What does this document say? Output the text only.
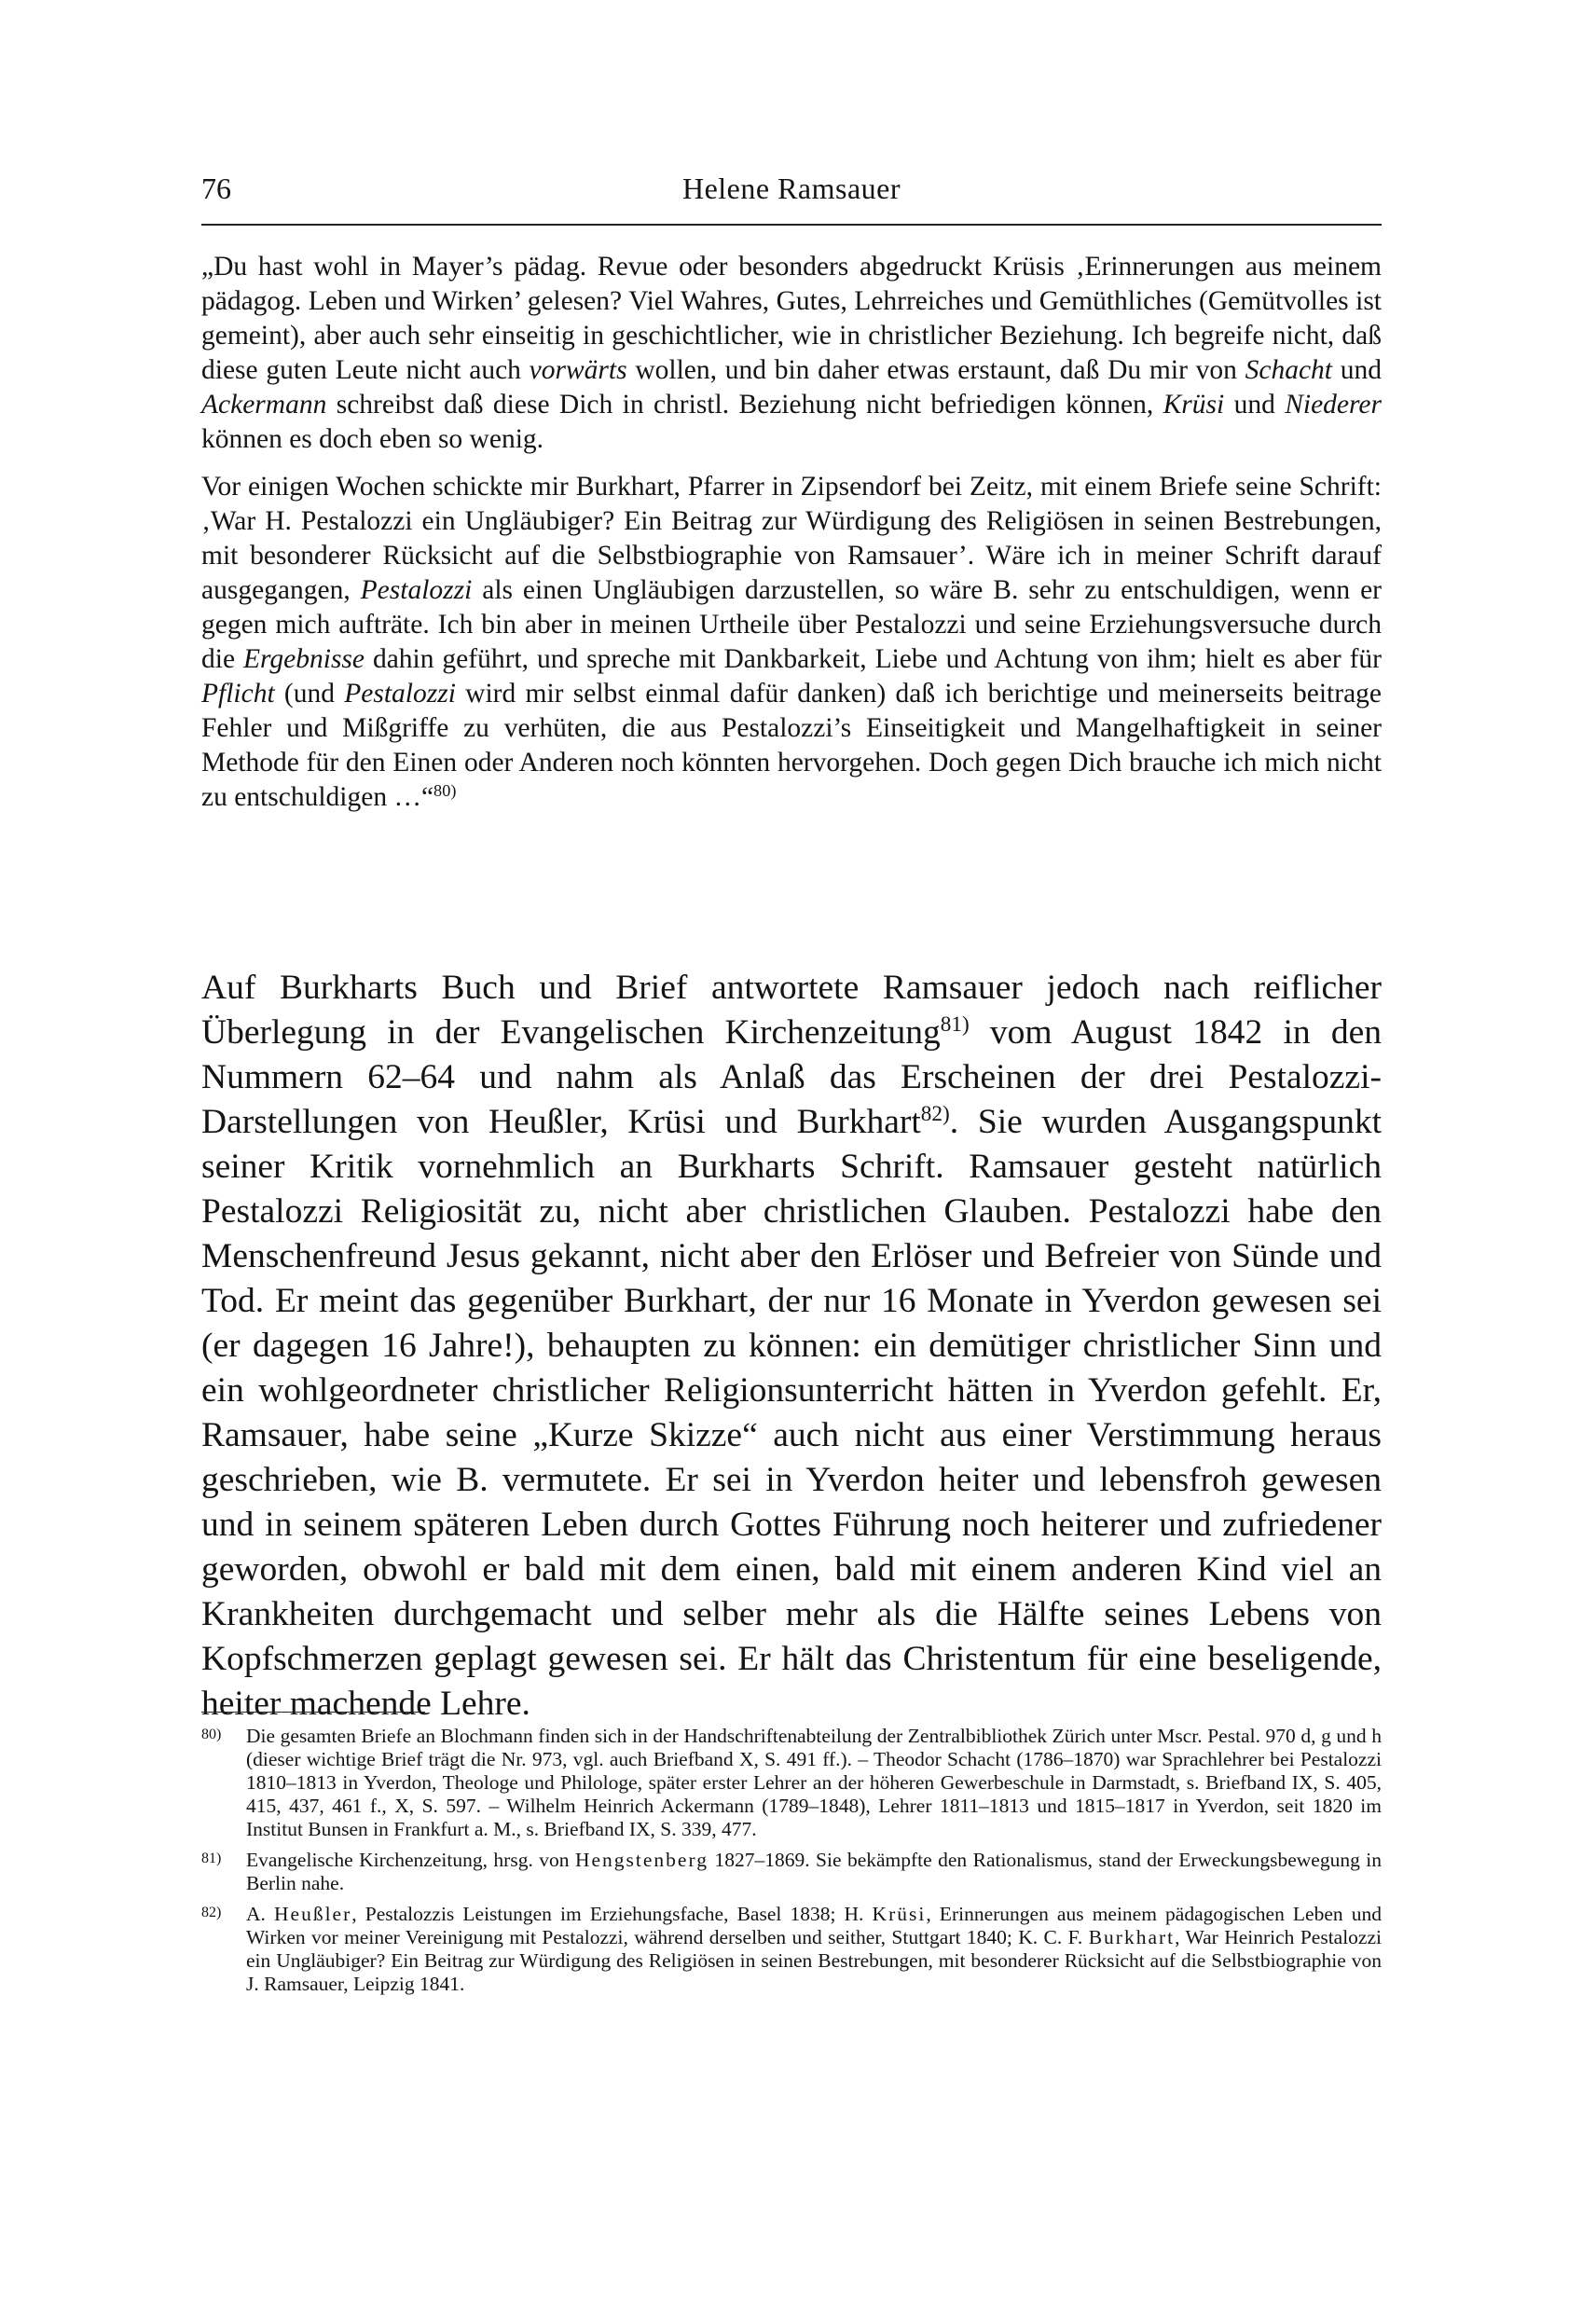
76	Helene Ramsauer

„Du hast wohl in Mayer’s pädag. Revue oder besonders abgedruckt Krüsis ‚Erinnerungen aus meinem pädagog. Leben und Wirken’ gelesen? Viel Wahres, Gutes, Lehrreiches und Gemüthliches (Gemütvolles ist gemeint), aber auch sehr einseitig in geschichtlicher, wie in christlicher Beziehung. Ich begreife nicht, daß diese guten Leute nicht auch vorwärts wollen, und bin daher etwas erstaunt, daß Du mir von Schacht und Ackermann schreibst daß diese Dich in christl. Beziehung nicht befriedigen können, Krüsi und Niederer können es doch eben so wenig.

Vor einigen Wochen schickte mir Burkhart, Pfarrer in Zipsendorf bei Zeitz, mit einem Briefe seine Schrift: ‚War H. Pestalozzi ein Ungläubiger? Ein Beitrag zur Würdigung des Religiösen in seinen Bestrebungen, mit besonderer Rücksicht auf die Selbstbiographie von Ramsauer’. Wäre ich in meiner Schrift darauf ausgegangen, Pestalozzi als einen Ungläubigen darzustellen, so wäre B. sehr zu entschuldigen, wenn er gegen mich aufträte. Ich bin aber in meinen Urtheile über Pestalozzi und seine Erziehungsversuche durch die Ergebnisse dahin geführt, und spreche mit Dankbarkeit, Liebe und Achtung von ihm; hielt es aber für Pflicht (und Pestalozzi wird mir selbst einmal dafür danken) daß ich berichtige und meinerseits beitrage Fehler und Mißgriffe zu verhüten, die aus Pestalozzi’s Einseitigkeit und Mangelhaftigkeit in seiner Methode für den Einen oder Anderen noch könnten hervorgehen. Doch gegen Dich brauche ich mich nicht zu entschuldigen …“$^{80)}$

Auf Burkharts Buch und Brief antwortete Ramsauer jedoch nach reiflicher Überlegung in der Evangelischen Kirchenzeitung$^{81)}$ vom August 1842 in den Nummern 62–64 und nahm als Anlaß das Erscheinen der drei Pestalozzi-Darstellungen von Heußler, Krüsi und Burkhart$^{82)}$. Sie wurden Ausgangspunkt seiner Kritik vornehmlich an Burkharts Schrift. Ramsauer gesteht natürlich Pestalozzi Religiosität zu, nicht aber christlichen Glauben. Pestalozzi habe den Menschenfreund Jesus gekannt, nicht aber den Erlöser und Befreier von Sünde und Tod. Er meint das gegenüber Burkhart, der nur 16 Monate in Yverdon gewesen sei (er dagegen 16 Jahre!), behaupten zu können: ein demütiger christlicher Sinn und ein wohlgeordneter christlicher Religionsunterricht hätten in Yverdon gefehlt. Er, Ramsauer, habe seine „Kurze Skizze“ auch nicht aus einer Verstimmung heraus geschrieben, wie B. vermutete. Er sei in Yverdon heiter und lebensfroh gewesen und in seinem späteren Leben durch Gottes Führung noch heiterer und zufriedener geworden, obwohl er bald mit dem einen, bald mit einem anderen Kind viel an Krankheiten durchgemacht und selber mehr als die Hälfte seines Lebens von Kopfschmerzen geplagt gewesen sei. Er hält das Christentum für eine beseligende, heiter machende Lehre.

80)	Die gesamten Briefe an Blochmann finden sich in der Handschriftenabteilung der Zentralbibliothek Zürich unter Mscr. Pestal. 970 d, g und h (dieser wichtige Brief trägt die Nr. 973, vgl. auch Briefband X, S. 491 ff.). – Theodor Schacht (1786–1870) war Sprachlehrer bei Pestalozzi 1810–1813 in Yverdon, Theologe und Philologe, später erster Lehrer an der höheren Gewerbeschule in Darmstadt, s. Briefband IX, S. 405, 415, 437, 461 f., X, S. 597. – Wilhelm Heinrich Ackermann (1789–1848), Lehrer 1811–1813 und 1815–1817 in Yverdon, seit 1820 im Institut Bunsen in Frankfurt a. M., s. Briefband IX, S. 339, 477.
81)	Evangelische Kirchenzeitung, hrsg. von Hengstenberg 1827–1869. Sie bekämpfte den Rationalismus, stand der Erweckungsbewegung in Berlin nahe.
82)	A. Heußler, Pestalozzis Leistungen im Erziehungsfache, Basel 1838; H. Krüsi, Erinnerungen aus meinem pädagogischen Leben und Wirken vor meiner Vereinigung mit Pestalozzi, während derselben und seither, Stuttgart 1840; K. C. F. Burkhart, War Heinrich Pestalozzi ein Ungläubiger? Ein Beitrag zur Würdigung des Religiösen in seinen Bestrebungen, mit besonderer Rücksicht auf die Selbstbiographie von J. Ramsauer, Leipzig 1841.
